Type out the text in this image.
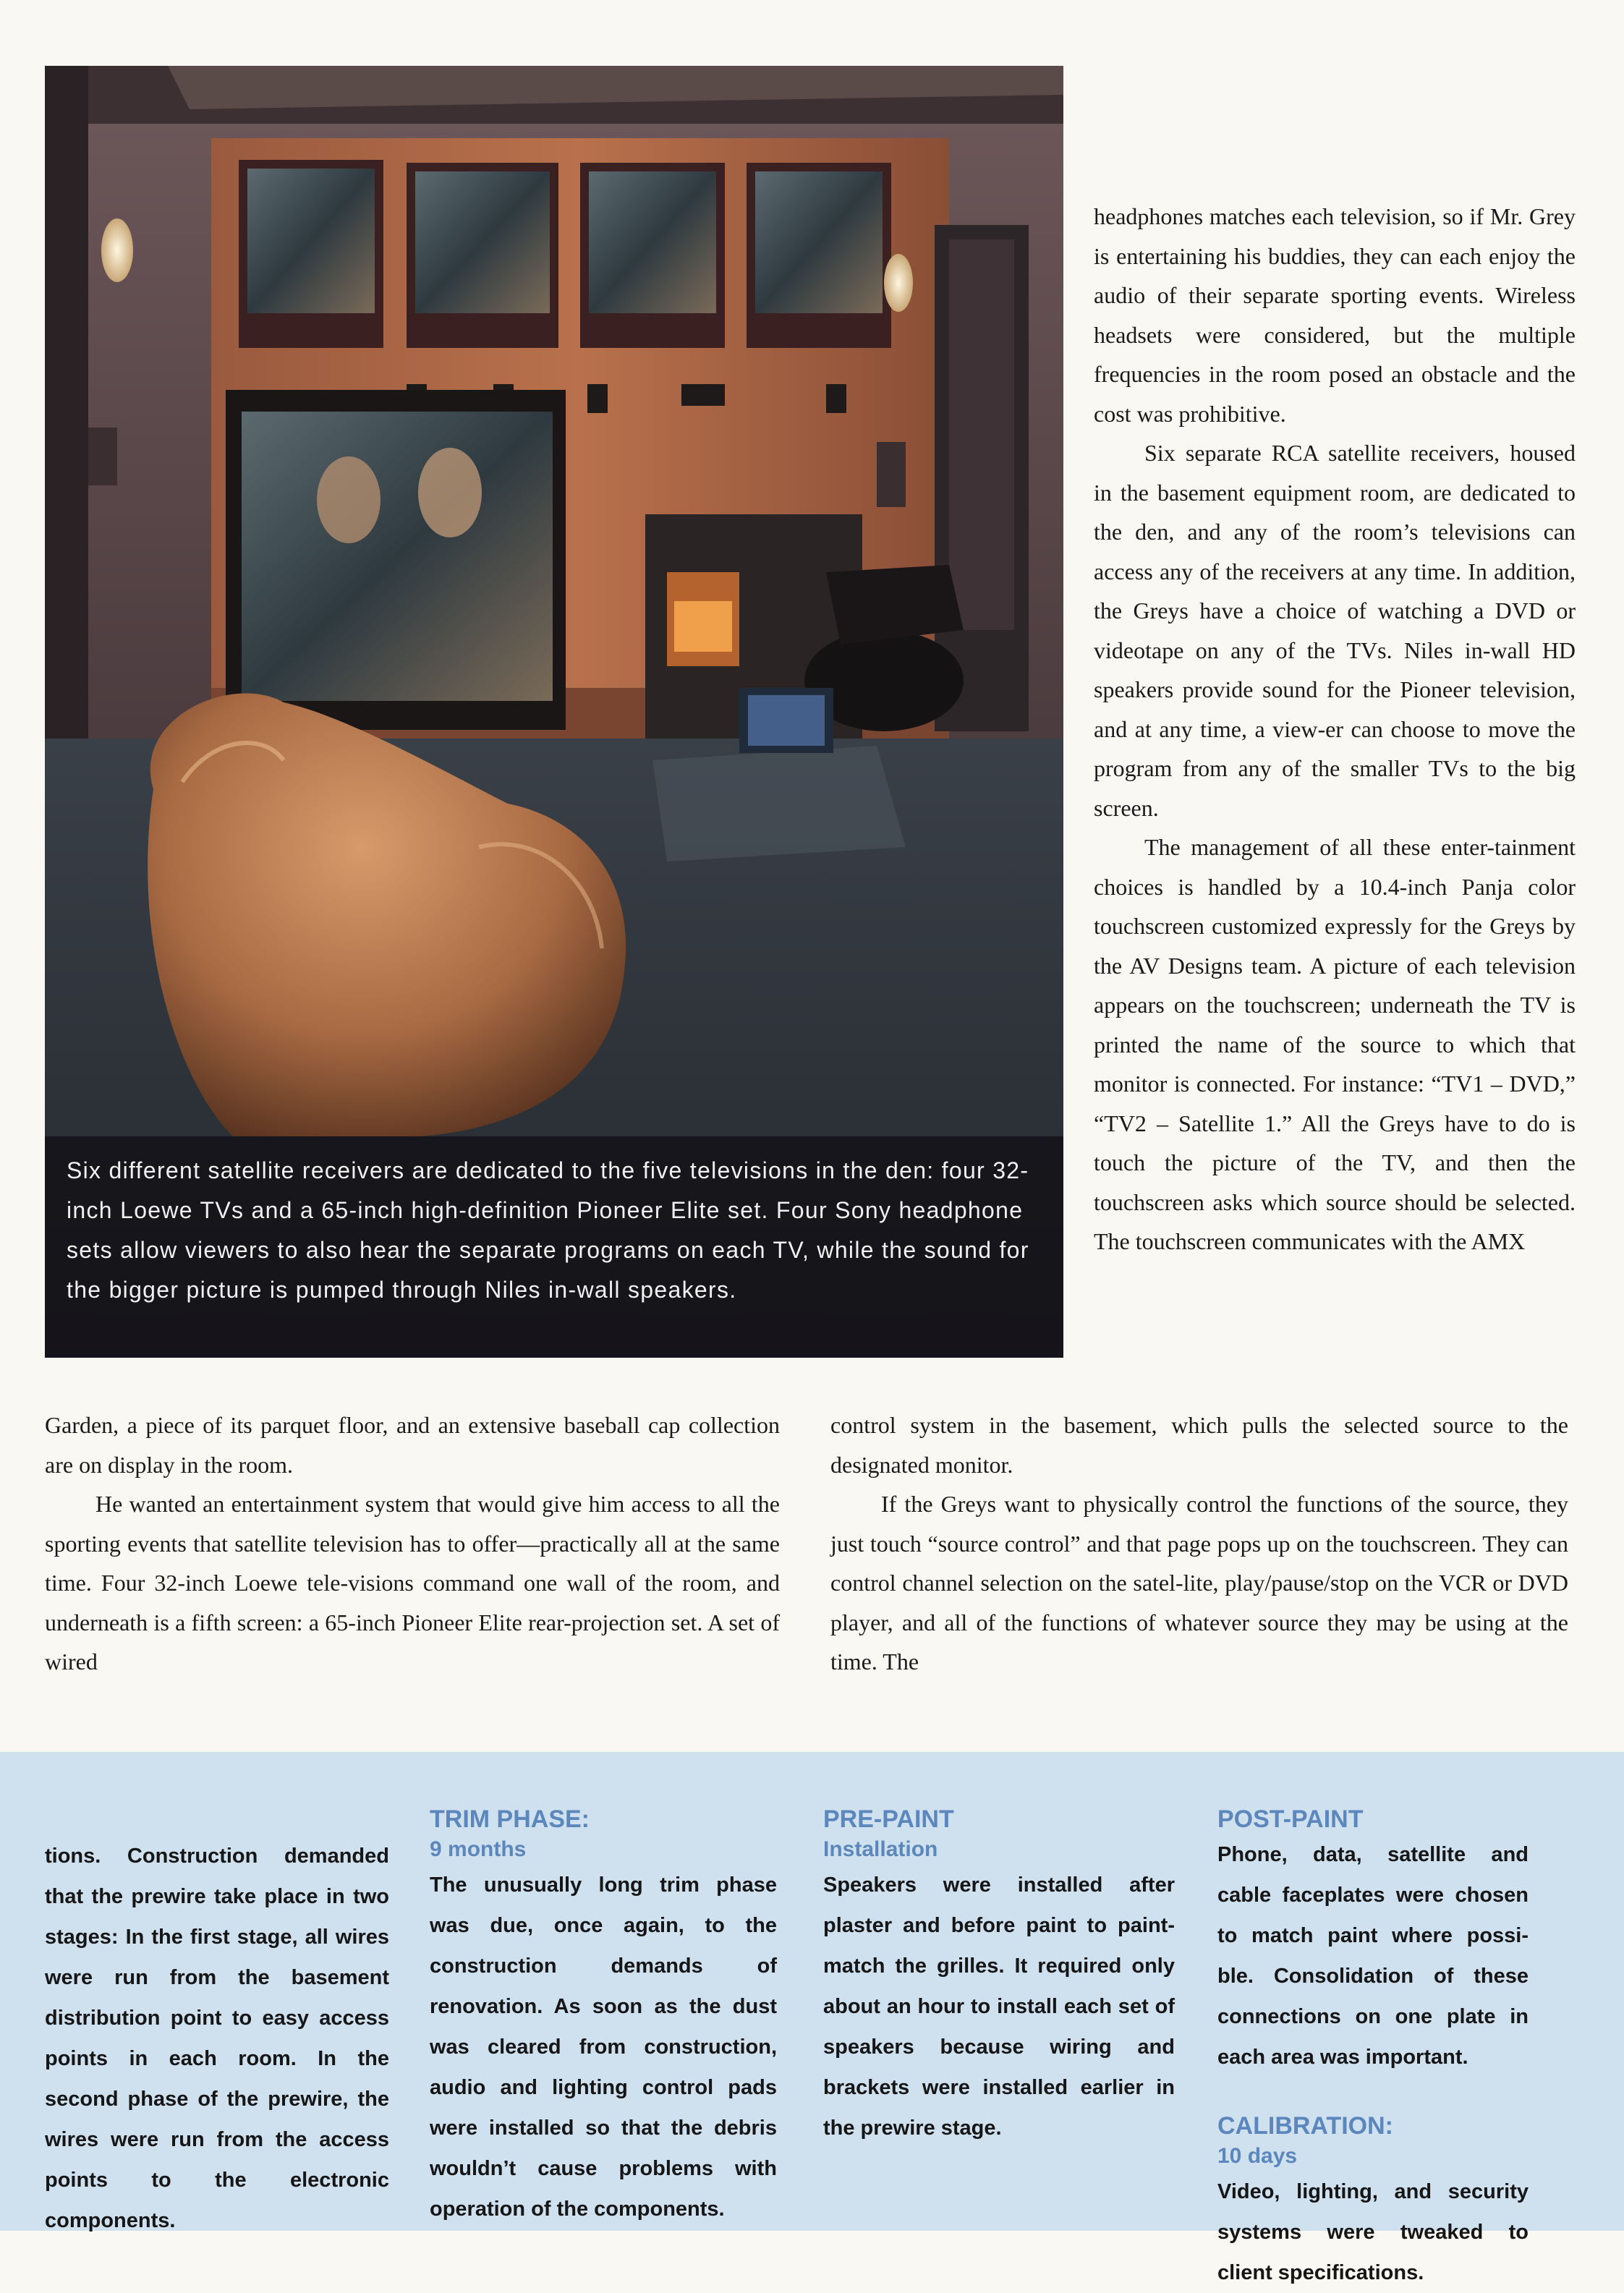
Six different satellite receivers are dedicated to the five televisions in the den: four 32-inch Loewe TVs and a 65-inch high-definition Pioneer Elite set. Four Sony headphone sets allow viewers to also hear the separate programs on each TV, while the sound for the bigger picture is pumped through Niles in-wall speakers.

headphones matches each television, so if Mr. Grey is entertaining his buddies, they can each enjoy the audio of their separate sporting events. Wireless headsets were considered, but the multiple frequencies in the room posed an obstacle and the cost was prohibitive.

Six separate RCA satellite receivers, housed in the basement equipment room, are dedicated to the den, and any of the room’s televisions can access any of the receivers at any time. In addition, the Greys have a choice of watching a DVD or videotape on any of the TVs. Niles in-wall HD speakers provide sound for the Pioneer television, and at any time, a view-er can choose to move the program from any of the smaller TVs to the big screen.

The management of all these enter-tainment choices is handled by a 10.4-inch Panja color touchscreen customized expressly for the Greys by the AV Designs team. A picture of each television appears on the touchscreen; underneath the TV is printed the name of the source to which that monitor is connected. For instance: “TV1 – DVD,” “TV2 – Satellite 1.” All the Greys have to do is touch the picture of the TV, and then the touchscreen asks which source should be selected. The touchscreen communicates with the AMX

Garden, a piece of its parquet floor, and an extensive baseball cap collection are on display in the room.

He wanted an entertainment system that would give him access to all the sporting events that satellite television has to offer—practically all at the same time. Four 32-inch Loewe tele-visions command one wall of the room, and underneath is a fifth screen: a 65-inch Pioneer Elite rear-projection set. A set of wired

control system in the basement, which pulls the selected source to the designated monitor.

If the Greys want to physically control the functions of the source, they just touch “source control” and that page pops up on the touchscreen. They can control channel selection on the satel-lite, play/pause/stop on the VCR or DVD player, and all of the functions of whatever source they may be using at the time. The

tions. Construction demanded that the prewire take place in two stages: In the first stage, all wires were run from the basement distribution point to easy access points in each room. In the second phase of the prewire, the wires were run from the access points to the electronic components.

TRIM PHASE:

9 months

The unusually long trim phase was due, once again, to the construction demands of renovation. As soon as the dust was cleared from construction, audio and lighting control pads were installed so that the debris wouldn’t cause problems with operation of the components.

PRE-PAINT

Installation

Speakers were installed after plaster and before paint to paint-match the grilles. It required only about an hour to install each set of speakers because wiring and brackets were installed earlier in the prewire stage.

POST-PAINT

Phone, data, satellite and cable faceplates were chosen to match paint where possi-ble. Consolidation of these connections on one plate in each area was important.

CALIBRATION:

10 days

Video, lighting, and security systems were tweaked to client specifications.
